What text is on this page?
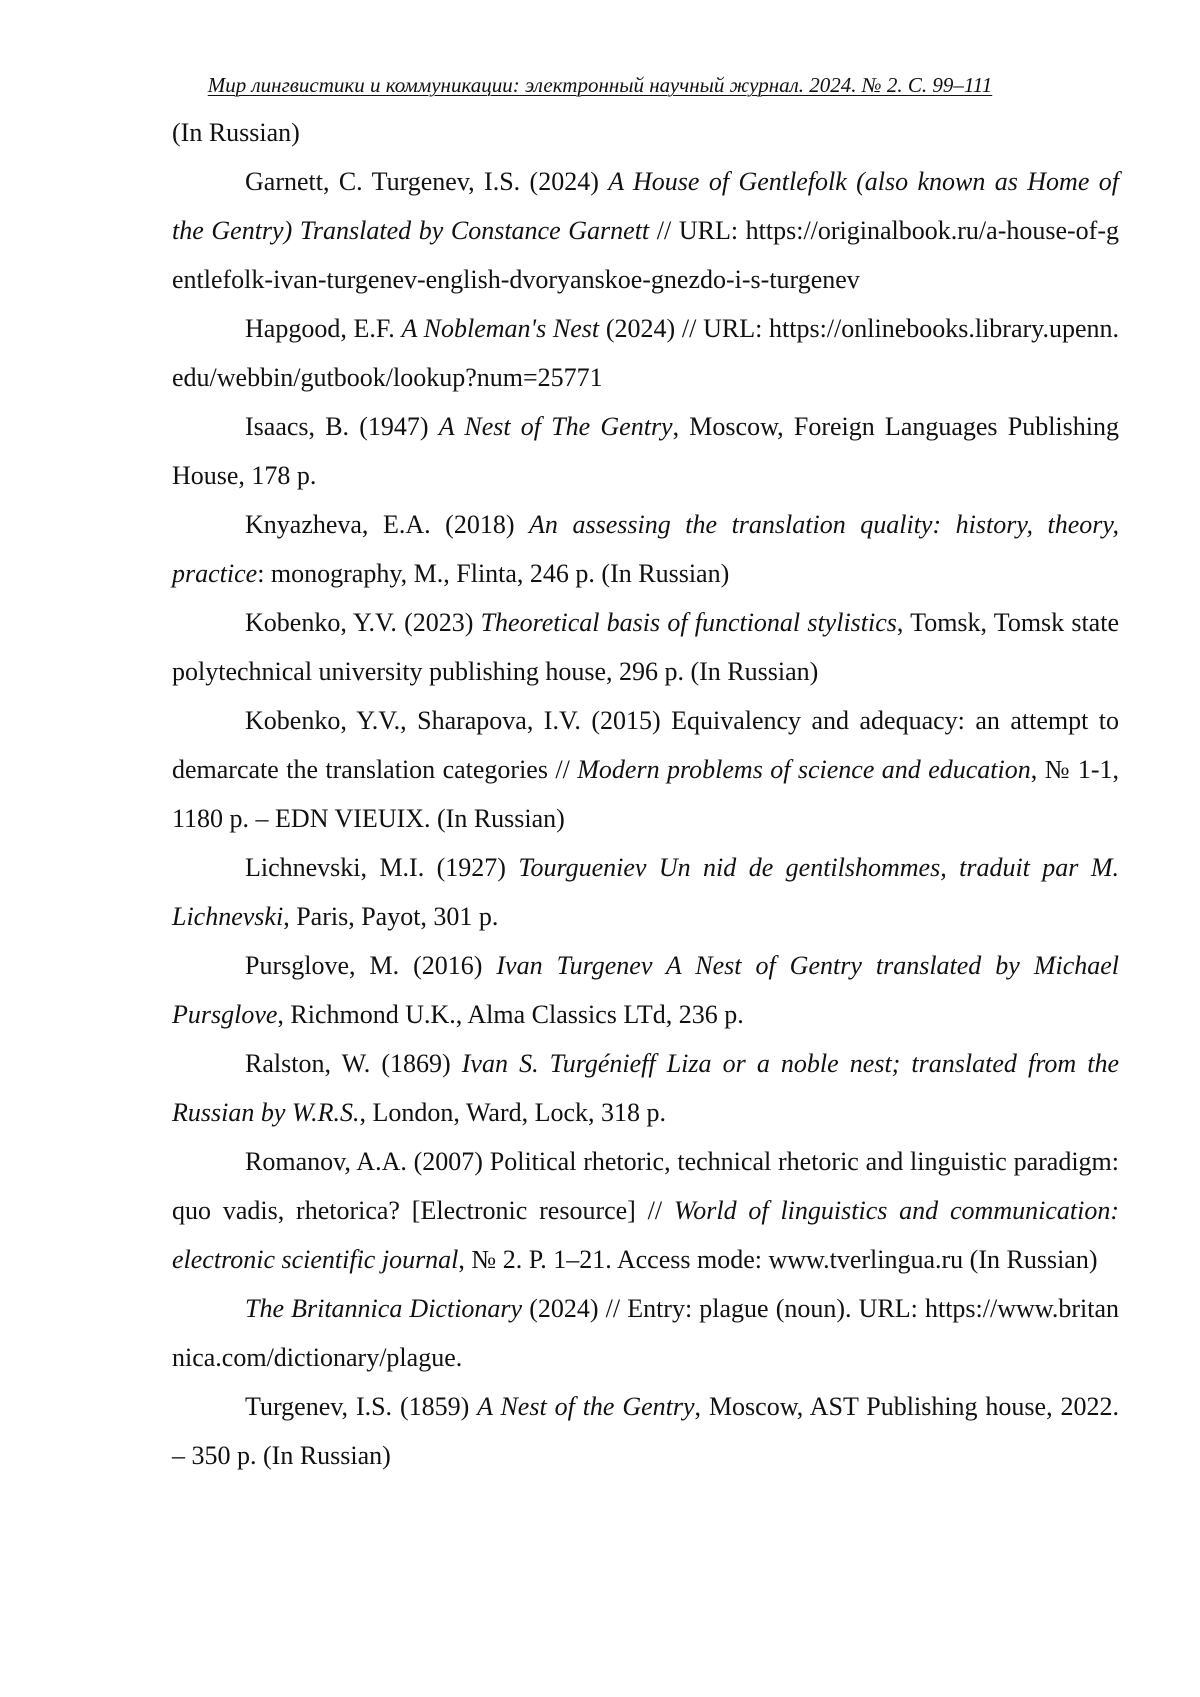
Мир лингвистики и коммуникации: электронный научный журнал. 2024. № 2. С. 99–111

(In Russian)

Garnett, C. Turgenev, I.S. (2024) A House of Gentlefolk (also known as Home of the Gentry) Translated by Constance Garnett // URL: https://originalbook.ru/a-house-of-gentlefolk-ivan-turgenev-english-dvoryanskoe-gnezdo-i-s-turgenev

Hapgood, E.F. A Nobleman's Nest (2024) // URL: https://onlinebooks.library.upenn.edu/webbin/gutbook/lookup?num=25771

Isaacs, B. (1947) A Nest of The Gentry, Moscow, Foreign Languages Publishing House, 178 p.

Knyazheva, E.A. (2018) An assessing the translation quality: history, theory, practice: monography, M., Flinta, 246 p. (In Russian)

Kobenko, Y.V. (2023) Theoretical basis of functional stylistics, Tomsk, Tomsk state polytechnical university publishing house, 296 p. (In Russian)

Kobenko, Y.V., Sharapova, I.V. (2015) Equivalency and adequacy: an attempt to demarcate the translation categories // Modern problems of science and education, № 1-1, 1180 p. – EDN VIEUIX. (In Russian)

Lichnevski, M.I. (1927) Tourgueniev Un nid de gentilshommes, traduit par M. Lichnevski, Paris, Payot, 301 p.

Pursglove, M. (2016) Ivan Turgenev A Nest of Gentry translated by Michael Pursglove, Richmond U.K., Alma Classics LTd, 236 p.

Ralston, W. (1869) Ivan S. Turgénieff Liza or a noble nest; translated from the Russian by W.R.S., London, Ward, Lock, 318 p.

Romanov, A.A. (2007) Political rhetoric, technical rhetoric and linguistic paradigm: quo vadis, rhetorica? [Electronic resource] // World of linguistics and communication: electronic scientific journal, № 2. P. 1–21. Access mode: www.tverlingua.ru (In Russian)

The Britannica Dictionary (2024) // Entry: plague (noun). URL: https://www.britannica.com/dictionary/plague.

Turgenev, I.S. (1859) A Nest of the Gentry, Moscow, AST Publishing house, 2022. – 350 p. (In Russian)
